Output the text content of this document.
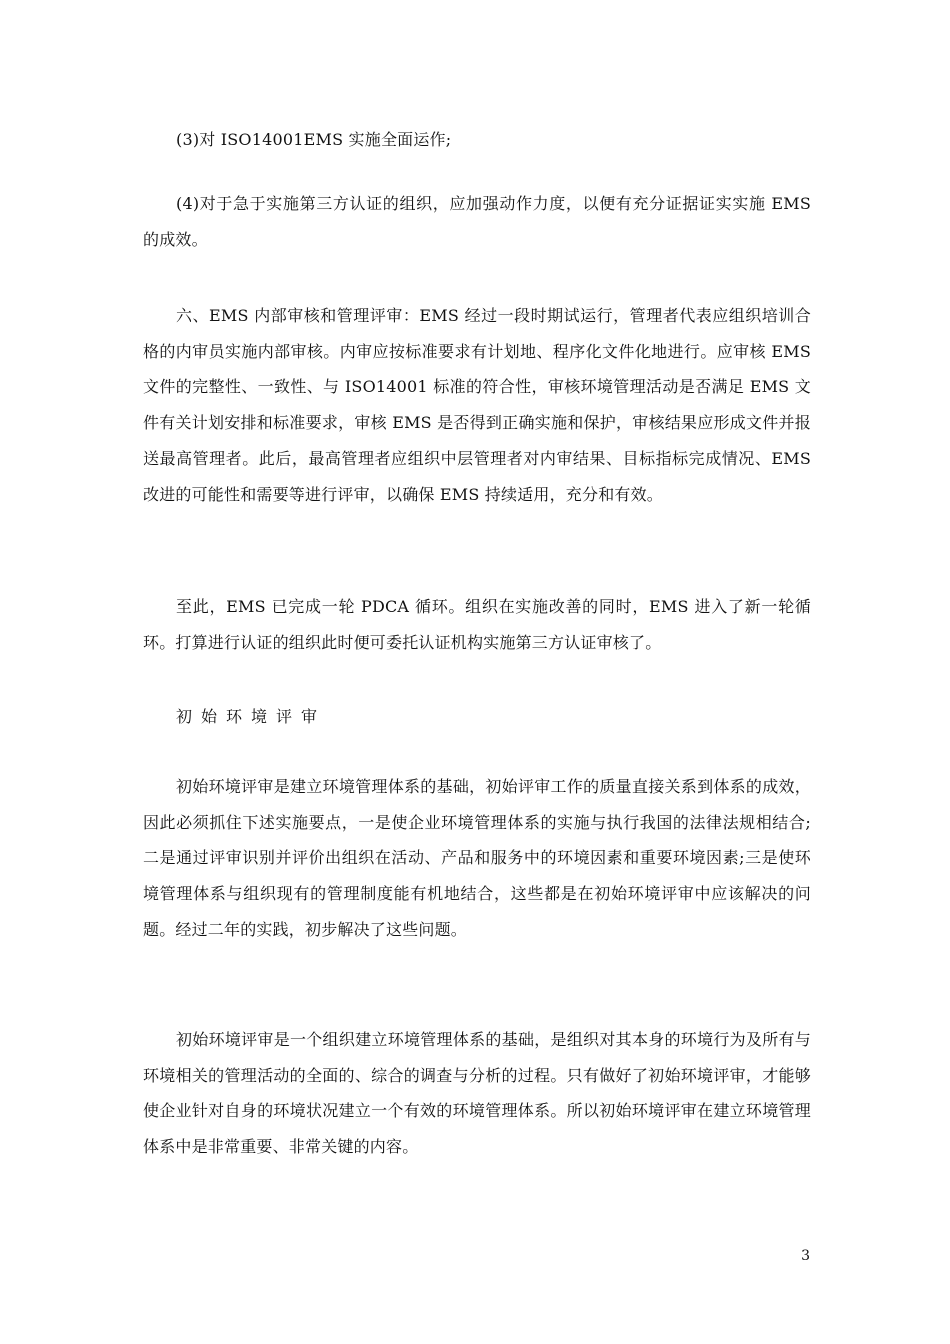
(3)对 ISO14001EMS 实施全面运作;

(4)对于急于实施第三方认证的组织，应加强动作力度，以便有充分证据证实实施 EMS 的成效。

六、EMS 内部审核和管理评审：EMS 经过一段时期试运行，管理者代表应组织培训合格的内审员实施内部审核。内审应按标准要求有计划地、程序化文件化地进行。应审核 EMS 文件的完整性、一致性、与 ISO14001 标准的符合性，审核环境管理活动是否满足 EMS 文件有关计划安排和标准要求，审核 EMS 是否得到正确实施和保护，审核结果应形成文件并报送最高管理者。此后，最高管理者应组织中层管理者对内审结果、目标指标完成情况、EMS 改进的可能性和需要等进行评审，以确保 EMS 持续适用，充分和有效。

至此，EMS 已完成一轮 PDCA 循环。组织在实施改善的同时，EMS 进入了新一轮循环。打算进行认证的组织此时便可委托认证机构实施第三方认证审核了。

初始环境评审

初始环境评审是建立环境管理体系的基础，初始评审工作的质量直接关系到体系的成效，因此必须抓住下述实施要点，一是使企业环境管理体系的实施与执行我国的法律法规相结合;二是通过评审识别并评价出组织在活动、产品和服务中的环境因素和重要环境因素;三是使环境管理体系与组织现有的管理制度能有机地结合，这些都是在初始环境评审中应该解决的问题。经过二年的实践，初步解决了这些问题。

初始环境评审是一个组织建立环境管理体系的基础，是组织对其本身的环境行为及所有与环境相关的管理活动的全面的、综合的调查与分析的过程。只有做好了初始环境评审，才能够使企业针对自身的环境状况建立一个有效的环境管理体系。所以初始环境评审在建立环境管理体系中是非常重要、非常关键的内容。

3
